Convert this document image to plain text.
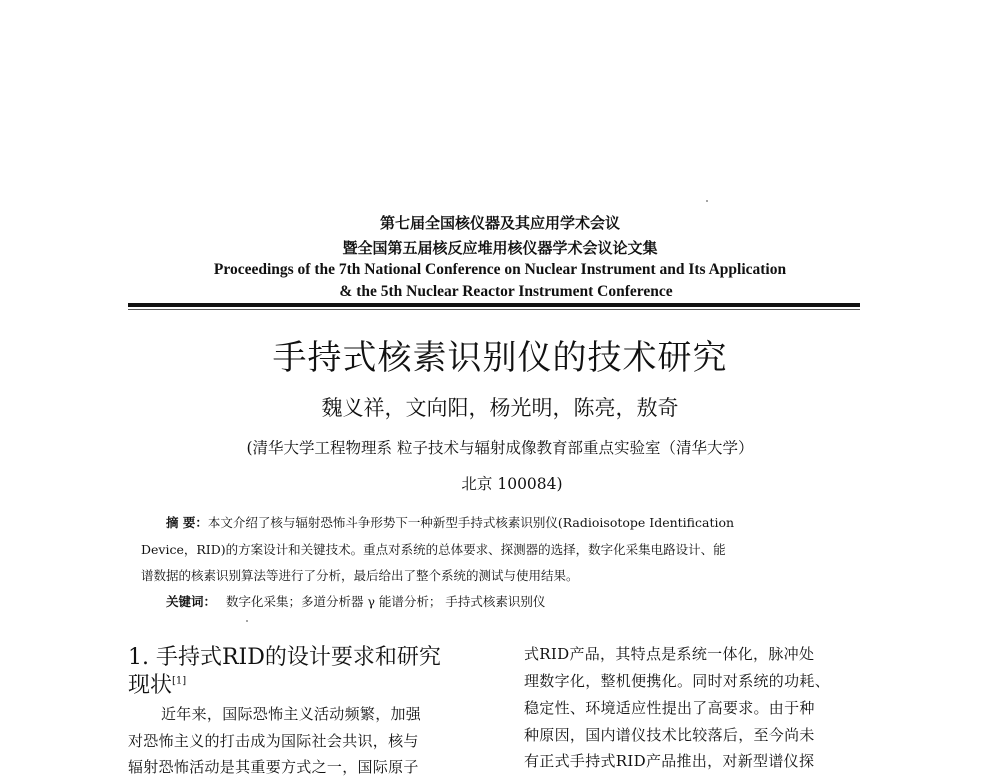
第七届全国核仪器及其应用学术会议
暨全国第五届核反应堆用核仪器学术会议论文集
Proceedings of the 7th National Conference on Nuclear Instrument and Its Application
& the 5th Nuclear Reactor Instrument Conference
手持式核素识别仪的技术研究
魏义祥，文向阳，杨光明，陈亮，敖奇
(清华大学工程物理系 粒子技术与辐射成像教育部重点实验室（清华大学）
北京 100084)
摘 要：本文介绍了核与辐射恐怖斗争形势下一种新型手持式核素识别仪(Radioisotope Identification
Device，RID)的方案设计和关键技术。重点对系统的总体要求、探测器的选择，数字化采集电路设计、能
谱数据的核素识别算法等进行了分析，最后给出了整个系统的测试与使用结果。
关键词： 数字化采集；多道分析器 γ 能谱分析； 手持式核素识别仪
1. 手持式RID的设计要求和研究
现状[1]
近年来，国际恐怖主义活动频繁，加强
对恐怖主义的打击成为国际社会共识，核与
辐射恐怖活动是其重要方式之一，国际原子
式RID产品，其特点是系统一体化，脉冲处
理数字化，整机便携化。同时对系统的功耗、
稳定性、环境适应性提出了高要求。由于种
种原因，国内谱仪技术比较落后，至今尚未
有正式手持式RID产品推出，对新型谱仪探
